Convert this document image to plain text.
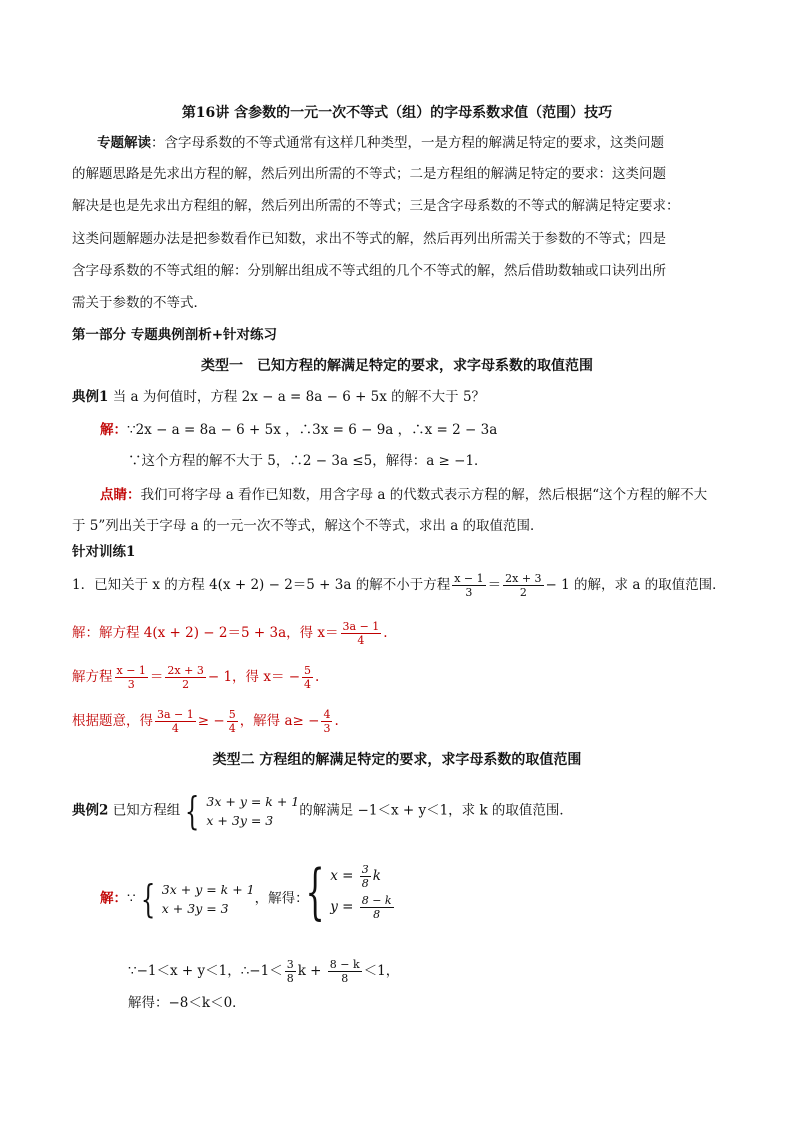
第16讲 含参数的一元一次不等式（组）的字母系数求值（范围）技巧
专题解读：含字母系数的不等式通常有这样几种类型，一是方程的解满足特定的要求，这类问题
的解题思路是先求出方程的解，然后列出所需的不等式；二是方程组的解满足特定的要求：这类问题
解决是也是先求出方程组的解，然后列出所需的不等式；三是含字母系数的不等式的解满足特定要求：
这类问题解题办法是把参数看作已知数，求出不等式的解，然后再列出所需关于参数的不等式；四是
含字母系数的不等式组的解：分别解出组成不等式组的几个不等式的解，然后借助数轴或口诀列出所
需关于参数的不等式．
第一部分 专题典例剖析+针对练习
类型一　已知方程的解满足特定的要求，求字母系数的取值范围
典例1 当 a 为何值时，方程 2x − a = 8a − 6 + 5x 的解不大于 5？
解：∵2x − a = 8a − 6 + 5x ，∴3x = 6 − 9a ，∴x = 2 − 3a
∵这个方程的解不大于 5，∴2 − 3a ≤5，解得：a ≥ −1．
点睛：我们可将字母 a 看作已知数，用含字母 a 的代数式表示方程的解，然后根据“这个方程的解不大
于 5”列出关于字母 a 的一元一次不等式，解这个不等式，求出 a 的取值范围．
针对训练1
1．已知关于 x 的方程 4(x + 2) − 2＝5 + 3a 的解不小于方程 $\frac{x - 1}{3} = \frac{2x + 3}{2} - 1$ 的解，求 a 的取值范围．
解：解方程 4(x + 2) − 2＝5 + 3a，得 $x= \frac{3a - 1}{4}$ .
解方程 $\frac{x - 1}{3} = \frac{2x + 3}{2} - 1$，得 $x= - \frac{5}{4}$ .
根据题意，得 $\frac{3a - 1}{4}$ ≥ − $\frac{5}{4}$ ，解得 $a\ge - \frac{4}{3}$ .
类型二 方程组的解满足特定的要求，求字母系数的取值范围
典例2 已知方程组 { 3x + y = k + 1
x + 3y = 3
的解满足 −1＜x + y＜1，求 k 的取值范围．
解：∵ { 3x + y = k + 1
x + 3y = 3
，解得：
{ $x = \frac{3}{8}$ k
$y = \frac{8 - k}{8}$
∵−1＜x + y＜1，∴−1＜ $\frac{3}{8}$ $k + \frac{8 - k}{8} <1$，
解得：−8＜k＜0．
